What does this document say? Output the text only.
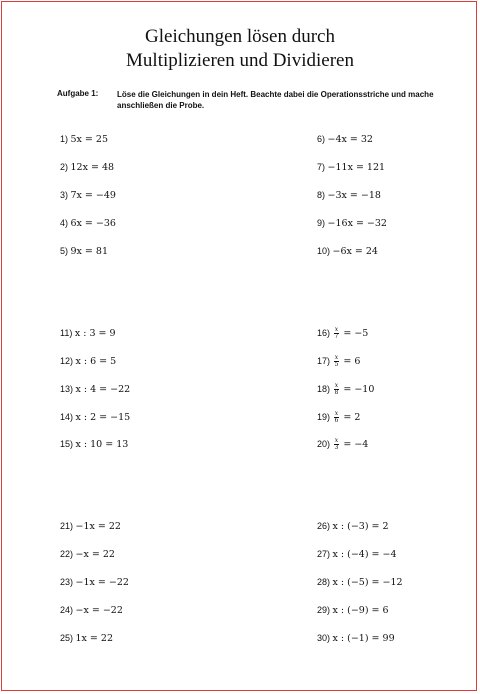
Gleichungen lösen durch
Multiplizieren und Dividieren
Aufgabe 1: Löse die Gleichungen in dein Heft. Beachte dabei die Operationsstriche und mache anschließen die Probe.
1) 5x = 25
2) 12x = 48
3) 7x = −49
4) 6x = −36
5) 9x = 81
11) x : 3 = 9
12) x : 6 = 5
13) x : 4 = −22
14) x : 2 = −15
15) x : 10 = 13
21) −1x = 22
22) −x = 22
23) −1x = −22
24) −x = −22
25) 1x = 22
6) −4x = 32
7) −11x = 121
8) −3x = −18
9) −16x = −32
10) −6x = 24
$16) \frac{x}{7} = -5$
$17) \frac{x}{5} = 6$
$18) \frac{x}{8} = -10$
$19) \frac{x}{6} = 2$
$20) \frac{x}{3} = -4$
26) x : (−3) = 2
27) x : (−4) = −4
28) x : (−5) = −12
29) x : (−9) = 6
30) x : (−1) = 99
